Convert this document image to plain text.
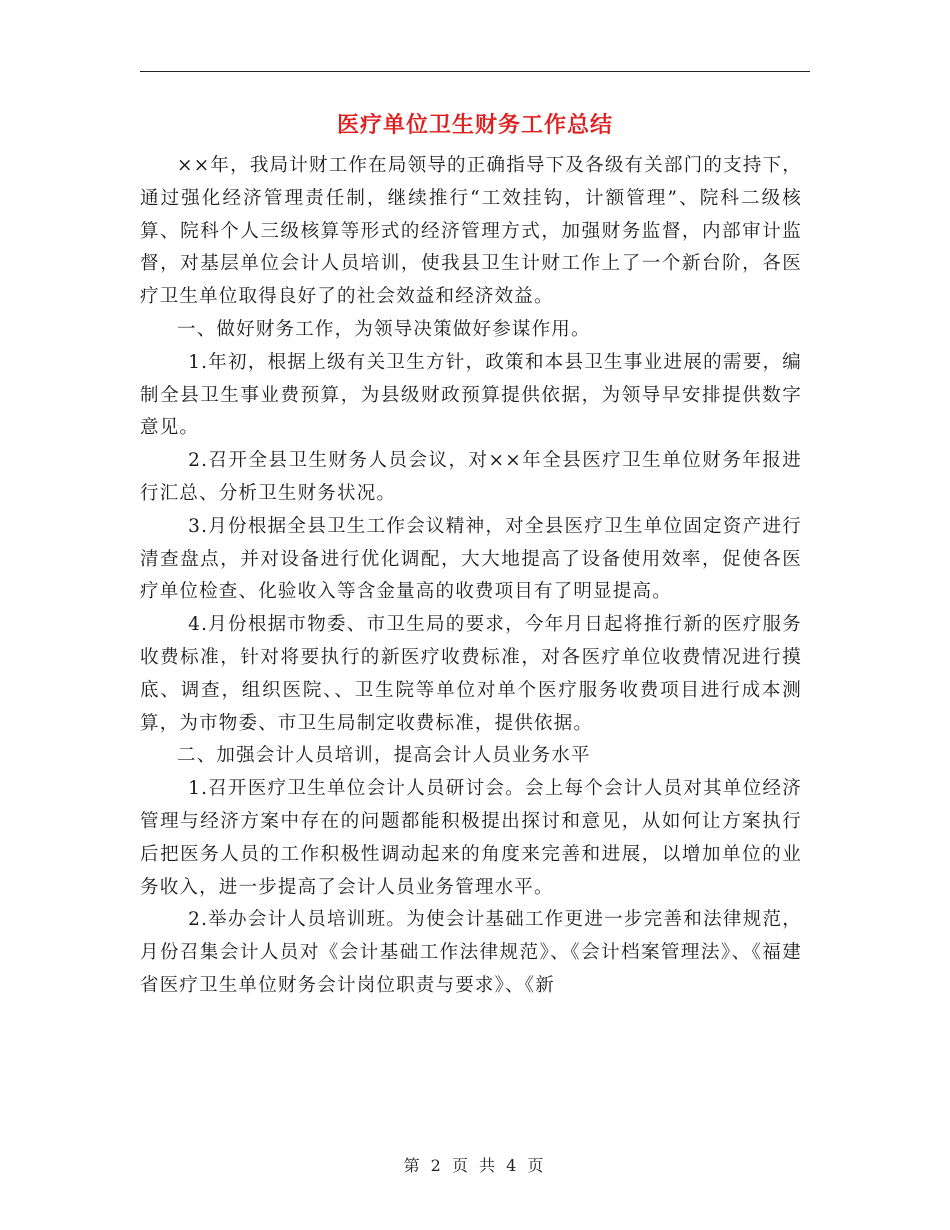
医疗单位卫生财务工作总结

××年，我局计财工作在局领导的正确指导下及各级有关部门的支持下，通过强化经济管理责任制，继续推行“工效挂钩，计额管理”、院科二级核算、院科个人三级核算等形式的经济管理方式，加强财务监督，内部审计监督，对基层单位会计人员培训，使我县卫生计财工作上了一个新台阶，各医疗卫生单位取得良好了的社会效益和经济效益。

一、做好财务工作，为领导决策做好参谋作用。

1.年初，根据上级有关卫生方针，政策和本县卫生事业进展的需要，编制全县卫生事业费预算，为县级财政预算提供依据，为领导早安排提供数字意见。

2.召开全县卫生财务人员会议，对××年全县医疗卫生单位财务年报进行汇总、分析卫生财务状况。

3.月份根据全县卫生工作会议精神，对全县医疗卫生单位固定资产进行清查盘点，并对设备进行优化调配，大大地提高了设备使用效率，促使各医疗单位检查、化验收入等含金量高的收费项目有了明显提高。

4.月份根据市物委、市卫生局的要求，今年月日起将推行新的医疗服务收费标准，针对将要执行的新医疗收费标准，对各医疗单位收费情况进行摸底、调查，组织医院、、卫生院等单位对单个医疗服务收费项目进行成本测算，为市物委、市卫生局制定收费标准，提供依据。

二、加强会计人员培训，提高会计人员业务水平

1.召开医疗卫生单位会计人员研讨会。会上每个会计人员对其单位经济管理与经济方案中存在的问题都能积极提出探讨和意见，从如何让方案执行后把医务人员的工作积极性调动起来的角度来完善和进展，以增加单位的业务收入，进一步提高了会计人员业务管理水平。

2.举办会计人员培训班。为使会计基础工作更进一步完善和法律规范，月份召集会计人员对《会计基础工作法律规范》、《会计档案管理法》、《福建省医疗卫生单位财务会计岗位职责与要求》、《新

第 2 页 共 4 页
